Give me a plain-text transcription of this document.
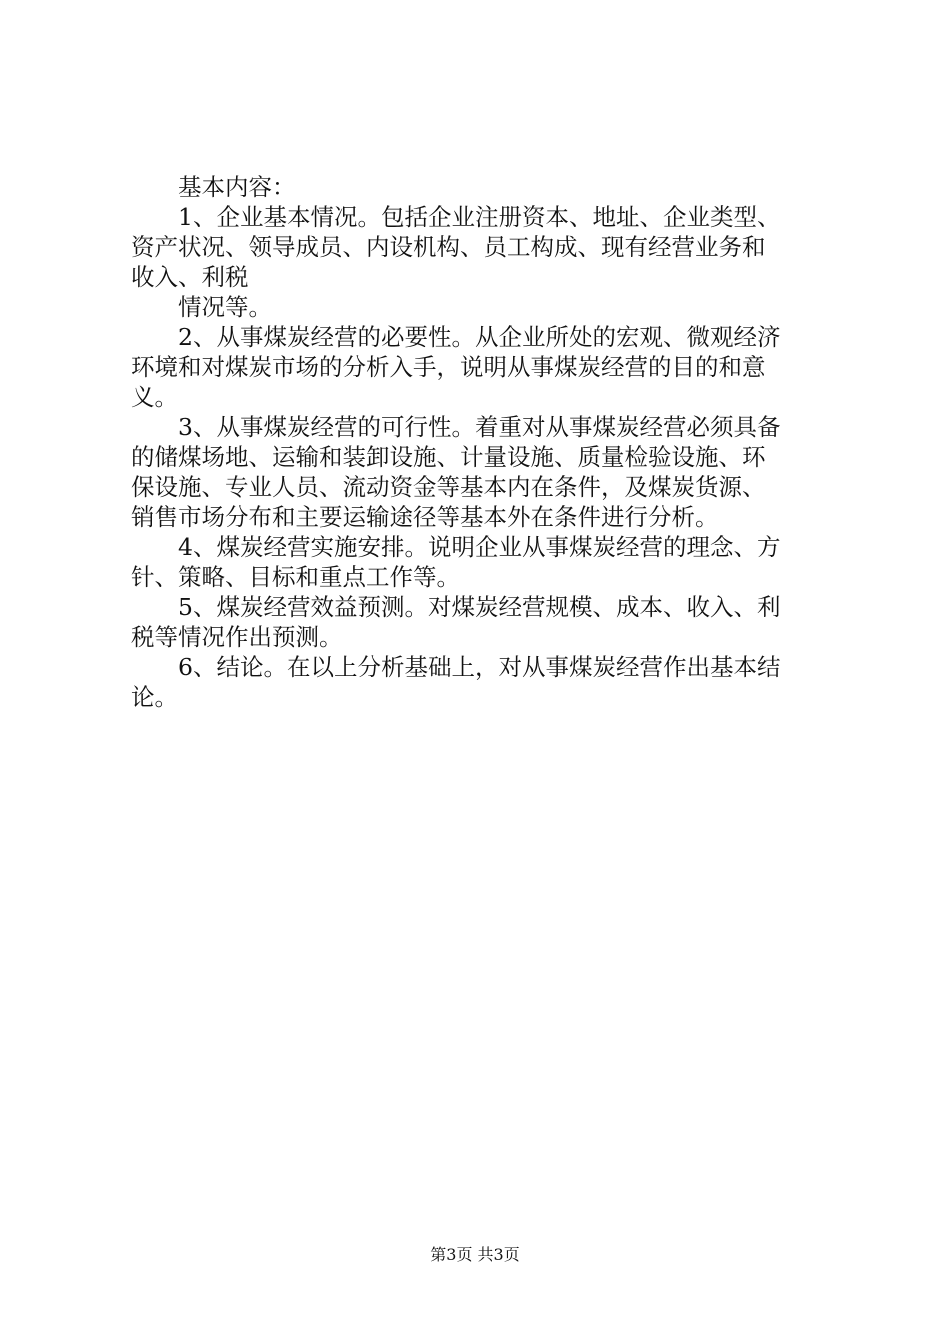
基本内容：
1、企业基本情况。包括企业注册资本、地址、企业类型、
资产状况、领导成员、内设机构、员工构成、现有经营业务和
收入、利税
情况等。
2、从事煤炭经营的必要性。从企业所处的宏观、微观经济
环境和对煤炭市场的分析入手，说明从事煤炭经营的目的和意
义。
3、从事煤炭经营的可行性。着重对从事煤炭经营必须具备
的储煤场地、运输和装卸设施、计量设施、质量检验设施、环
保设施、专业人员、流动资金等基本内在条件，及煤炭货源、
销售市场分布和主要运输途径等基本外在条件进行分析。
4、煤炭经营实施安排。说明企业从事煤炭经营的理念、方
针、策略、目标和重点工作等。
5、煤炭经营效益预测。对煤炭经营规模、成本、收入、利
税等情况作出预测。
6、结论。在以上分析基础上，对从事煤炭经营作出基本结
论。
第3页 共3页
